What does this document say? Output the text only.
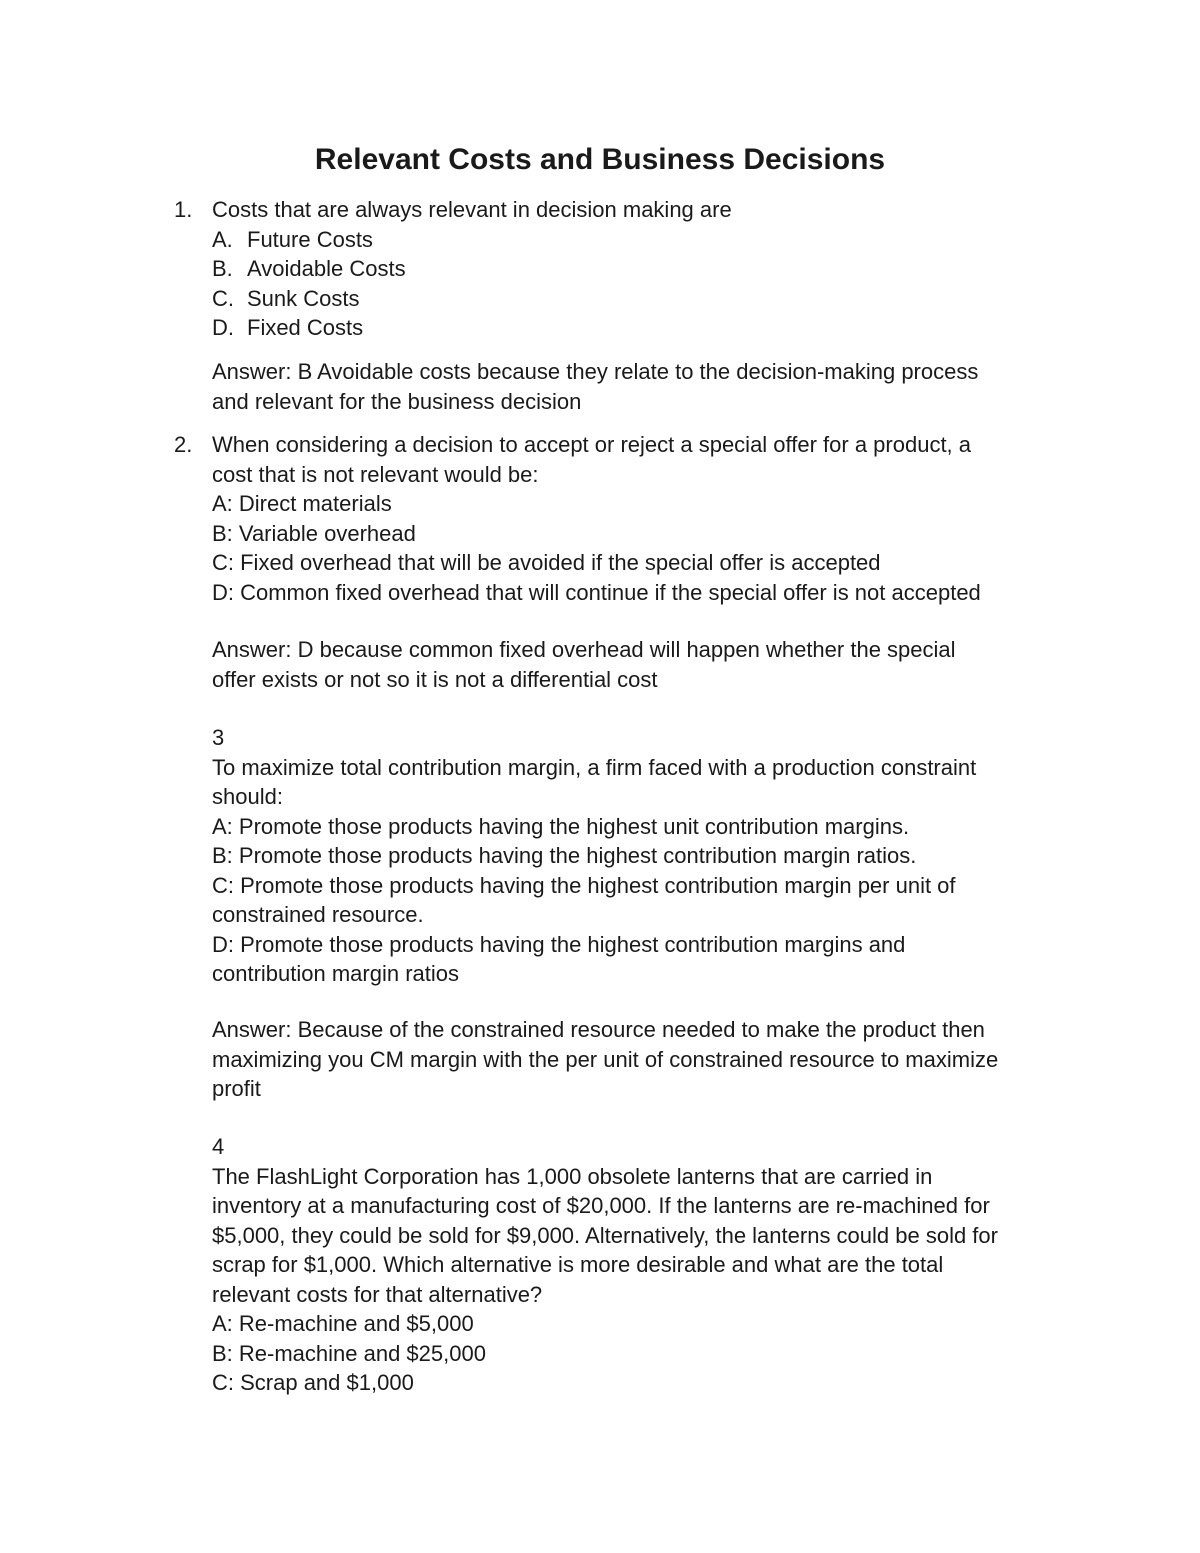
Relevant Costs and Business Decisions
1. Costs that are always relevant in decision making are
A. Future Costs
B. Avoidable Costs
C. Sunk Costs
D. Fixed Costs
Answer: B Avoidable costs because they relate to the decision-making process
and relevant for the business decision
2. When considering a decision to accept or reject a special offer for a product, a
cost that is not relevant would be:
A: Direct materials
B: Variable overhead
C: Fixed overhead that will be avoided if the special offer is accepted
D: Common fixed overhead that will continue if the special offer is not accepted
Answer: D because common fixed overhead will happen whether the special
offer exists or not so it is not a differential cost
3
To maximize total contribution margin, a firm faced with a production constraint
should:
A: Promote those products having the highest unit contribution margins.
B: Promote those products having the highest contribution margin ratios.
C: Promote those products having the highest contribution margin per unit of
constrained resource.
D: Promote those products having the highest contribution margins and
contribution margin ratios
Answer: Because of the constrained resource needed to make the product then
maximizing you CM margin with the per unit of constrained resource to maximize
profit
4
The FlashLight Corporation has 1,000 obsolete lanterns that are carried in
inventory at a manufacturing cost of $20,000. If the lanterns are re-machined for
$5,000, they could be sold for $9,000. Alternatively, the lanterns could be sold for
scrap for $1,000. Which alternative is more desirable and what are the total
relevant costs for that alternative?
A: Re-machine and $5,000
B: Re-machine and $25,000
C: Scrap and $1,000
